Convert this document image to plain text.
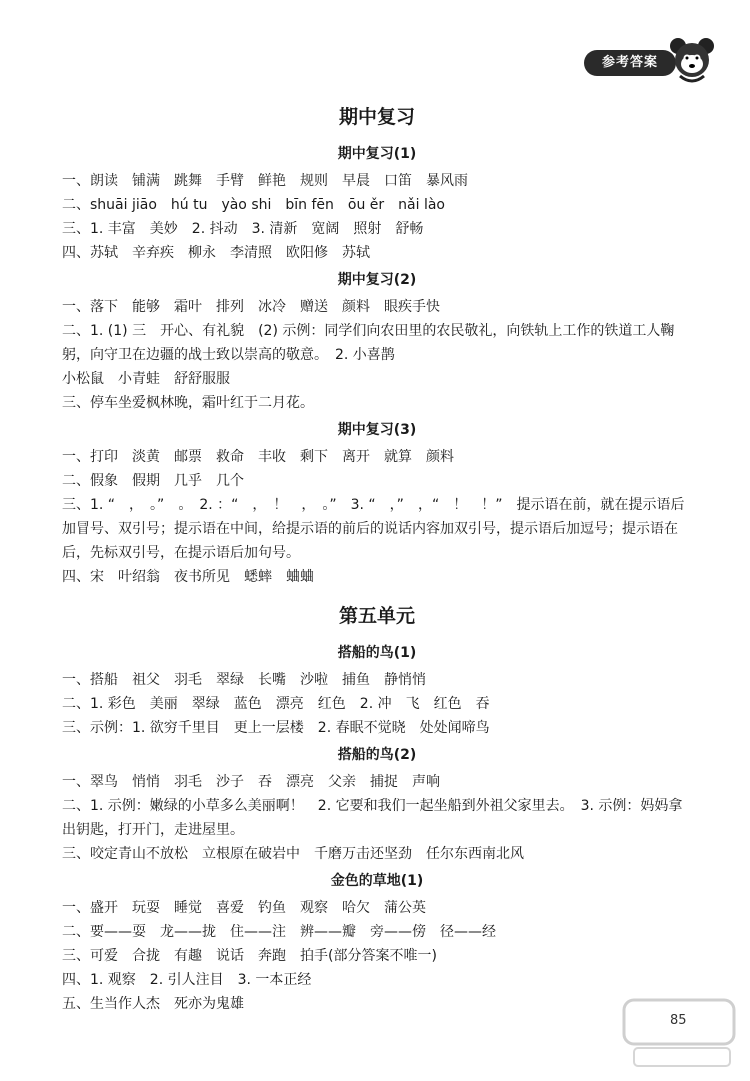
参考答案
期中复习
期中复习(1)
一、朗读　铺满　跳舞　手臂　鲜艳　规则　早晨　口笛　暴风雨
二、shuāi jiāo　hú tu　yào shi　bīn fēn　ōu ěr　nǎi lào
三、1. 丰富　美妙　2. 抖动　3. 清新　宽阔　照射　舒畅
四、苏轼　辛弃疾　柳永　李清照　欧阳修　苏轼
期中复习(2)
一、落下　能够　霜叶　排列　冰冷　赠送　颜料　眼疾手快
二、1. (1) 三　开心、有礼貌　(2) 示例：同学们向农田里的农民敬礼，向铁轨上工作的铁道工人鞠躬，向守卫在边疆的战士致以崇高的敬意。　2. 小喜鹊
小松鼠　小青蛙　舒舒服服
三、停车坐爱枫林晚，霜叶红于二月花。
期中复习(3)
一、打印　淡黄　邮票　救命　丰收　剩下　离开　就算　颜料
二、假象　假期　几乎　几个
三、1. “　，　。”　。　2. ：“　，　！　，　。”　3. “　，”　，“　！　！”　提示语在前，就在提示语后加冒号、双引号；提示语在中间，给提示语的前后的说话内容加双引号，提示语后加逗号；提示语在后，先标双引号，在提示语后加句号。
四、宋　叶绍翁　夜书所见　蟋蟀　蛐蛐
第五单元
搭船的鸟(1)
一、搭船　祖父　羽毛　翠绿　长嘴　沙啦　捕鱼　静悄悄
二、1. 彩色　美丽　翠绿　蓝色　漂亮　红色　2. 冲　飞　红色　吞
三、示例：1. 欲穷千里目　更上一层楼　2. 春眠不觉晓　处处闻啼鸟
搭船的鸟(2)
一、翠鸟　悄悄　羽毛　沙子　吞　漂亮　父亲　捕捉　声响
二、1. 示例：嫩绿的小草多么美丽啊！　2. 它要和我们一起坐船到外祖父家里去。　3. 示例：妈妈拿出钥匙，打开门，走进屋里。
三、咬定青山不放松　立根原在破岩中　千磨万击还坚劲　任尔东西南北风
金色的草地(1)
一、盛开　玩耍　睡觉　喜爱　钓鱼　观察　哈欠　蒲公英
二、要——耍　龙——拢　住——注　辨——瓣　旁——傍　径——经
三、可爱　合拢　有趣　说话　奔跑　拍手(部分答案不唯一)
四、1. 观察　2. 引人注目　3. 一本正经
五、生当作人杰　死亦为鬼雄
85
